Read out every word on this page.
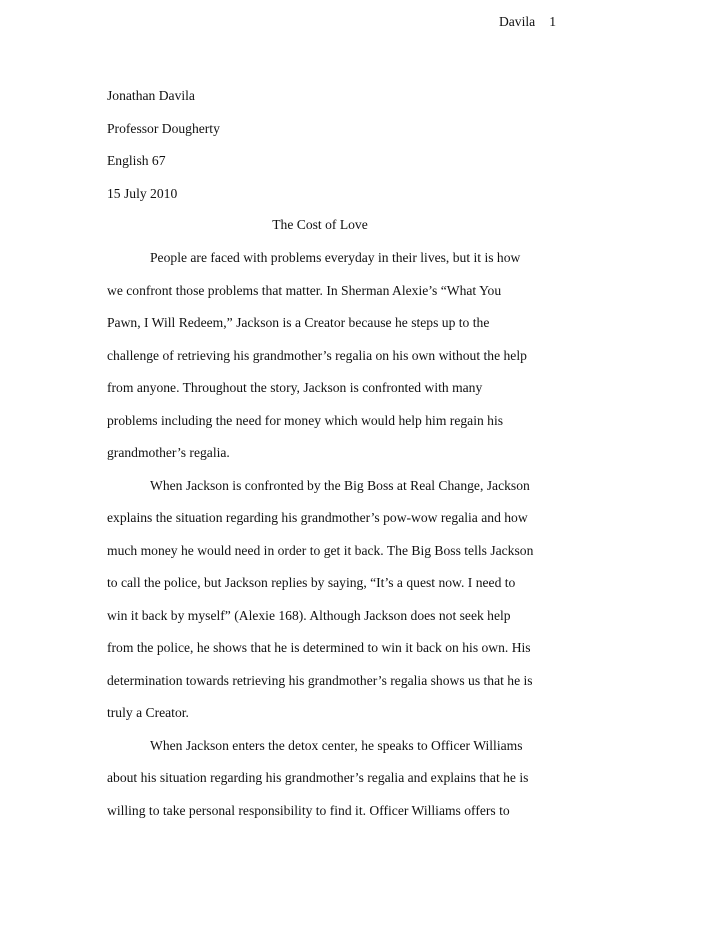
Davila 1
Jonathan Davila
Professor Dougherty
English 67
15 July 2010
The Cost of Love
People are faced with problems everyday in their lives, but it is how
we confront those problems that matter. In Sherman Alexie’s “What You
Pawn, I Will Redeem,” Jackson is a Creator because he steps up to the
challenge of retrieving his grandmother’s regalia on his own without the help
from anyone. Throughout the story, Jackson is confronted with many
problems including the need for money which would help him regain his
grandmother’s regalia.
When Jackson is confronted by the Big Boss at Real Change, Jackson
explains the situation regarding his grandmother’s pow-wow regalia and how
much money he would need in order to get it back. The Big Boss tells Jackson
to call the police, but Jackson replies by saying, “It’s a quest now. I need to
win it back by myself” (Alexie 168). Although Jackson does not seek help
from the police, he shows that he is determined to win it back on his own. His
determination towards retrieving his grandmother’s regalia shows us that he is
truly a Creator.
When Jackson enters the detox center, he speaks to Officer Williams
about his situation regarding his grandmother’s regalia and explains that he is
willing to take personal responsibility to find it. Officer Williams offers to
